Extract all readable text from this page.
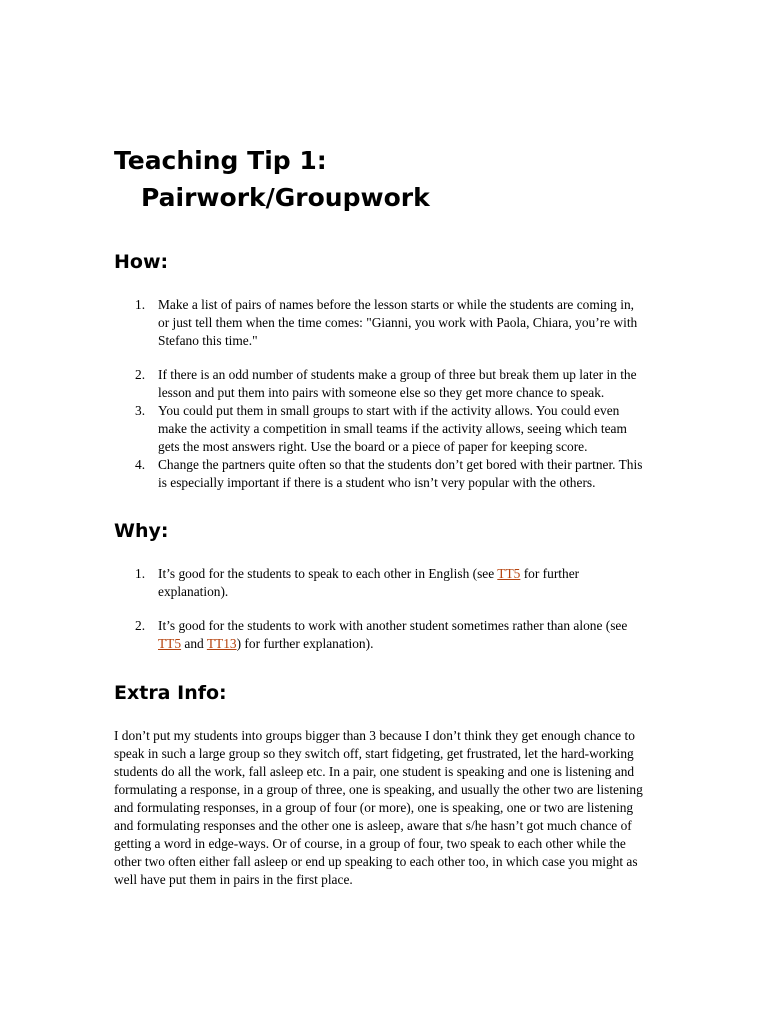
Teaching Tip 1:
Pairwork/Groupwork
How:
1. Make a list of pairs of names before the lesson starts or while the students are coming in, or just tell them when the time comes: "Gianni, you work with Paola, Chiara, you’re with Stefano this time."
2. If there is an odd number of students make a group of three but break them up later in the lesson and put them into pairs with someone else so they get more chance to speak.
3. You could put them in small groups to start with if the activity allows. You could even make the activity a competition in small teams if the activity allows, seeing which team gets the most answers right. Use the board or a piece of paper for keeping score.
4. Change the partners quite often so that the students don’t get bored with their partner. This is especially important if there is a student who isn’t very popular with the others.
Why:
1. It’s good for the students to speak to each other in English (see TT5 for further explanation).
2. It’s good for the students to work with another student sometimes rather than alone (see TT5 and TT13) for further explanation).
Extra Info:

I don’t put my students into groups bigger than 3 because I don’t think they get enough chance to speak in such a large group so they switch off, start fidgeting, get frustrated, let the hard-working students do all the work, fall asleep etc. In a pair, one student is speaking and one is listening and formulating a response, in a group of three, one is speaking, and usually the other two are listening and formulating responses, in a group of four (or more), one is speaking, one or two are listening and formulating responses and the other one is asleep, aware that s/he hasn’t got much chance of getting a word in edge-ways. Or of course, in a group of four, two speak to each other while the other two often either fall asleep or end up speaking to each other too, in which case you might as well have put them in pairs in the first place.
